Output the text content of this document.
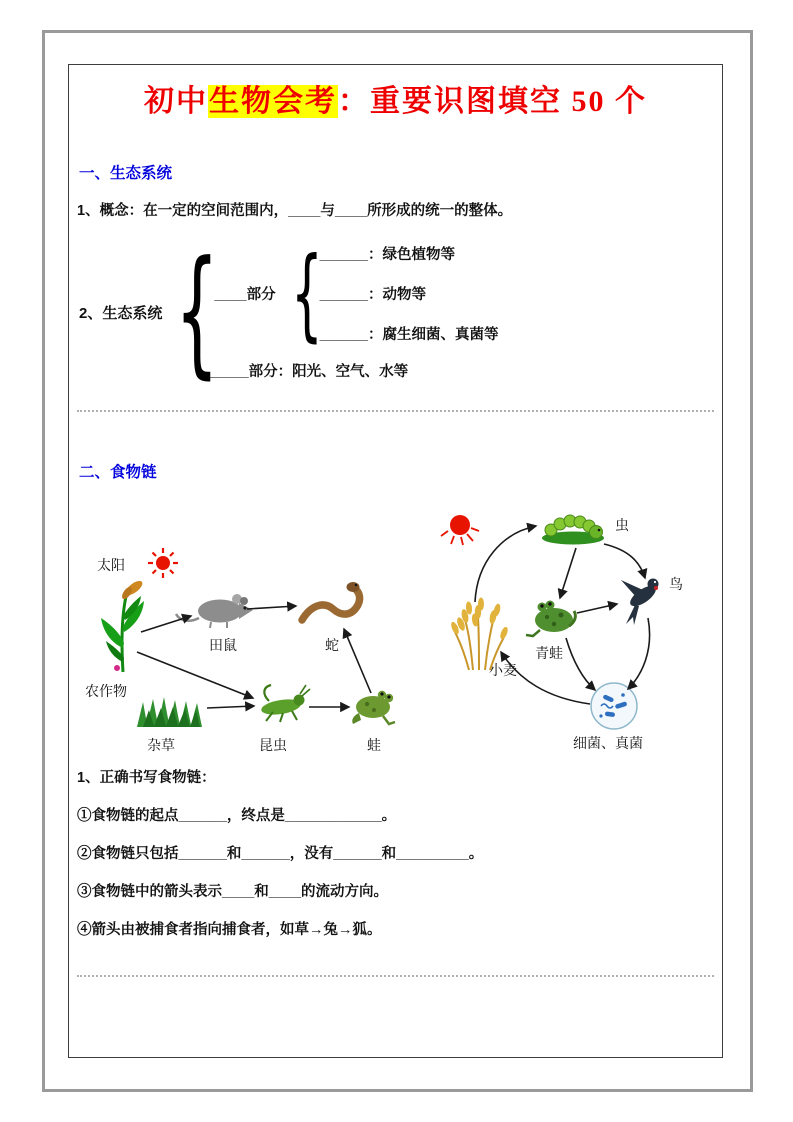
初中生物会考：重要识图填空 50 个
一、生态系统

1、概念：在一定的空间范围内，____与____所形成的统一的整体。

2、生态系统 {
____部分 {
______：绿色植物等
______：动物等
______：腐生细菌、真菌等
_____部分：阳光、空气、水等
二、食物链
太阳
农作物
田鼠	蛇
杂草	昆虫	蛙
虫
鸟
小麦
青蛙
细菌、真菌

1、正确书写食物链：

①食物链的起点______，终点是____________。

②食物链只包括______和______，没有______和_________。

③食物链中的箭头表示____和____的流动方向。

④箭头由被捕食者指向捕食者，如草→兔→狐。
